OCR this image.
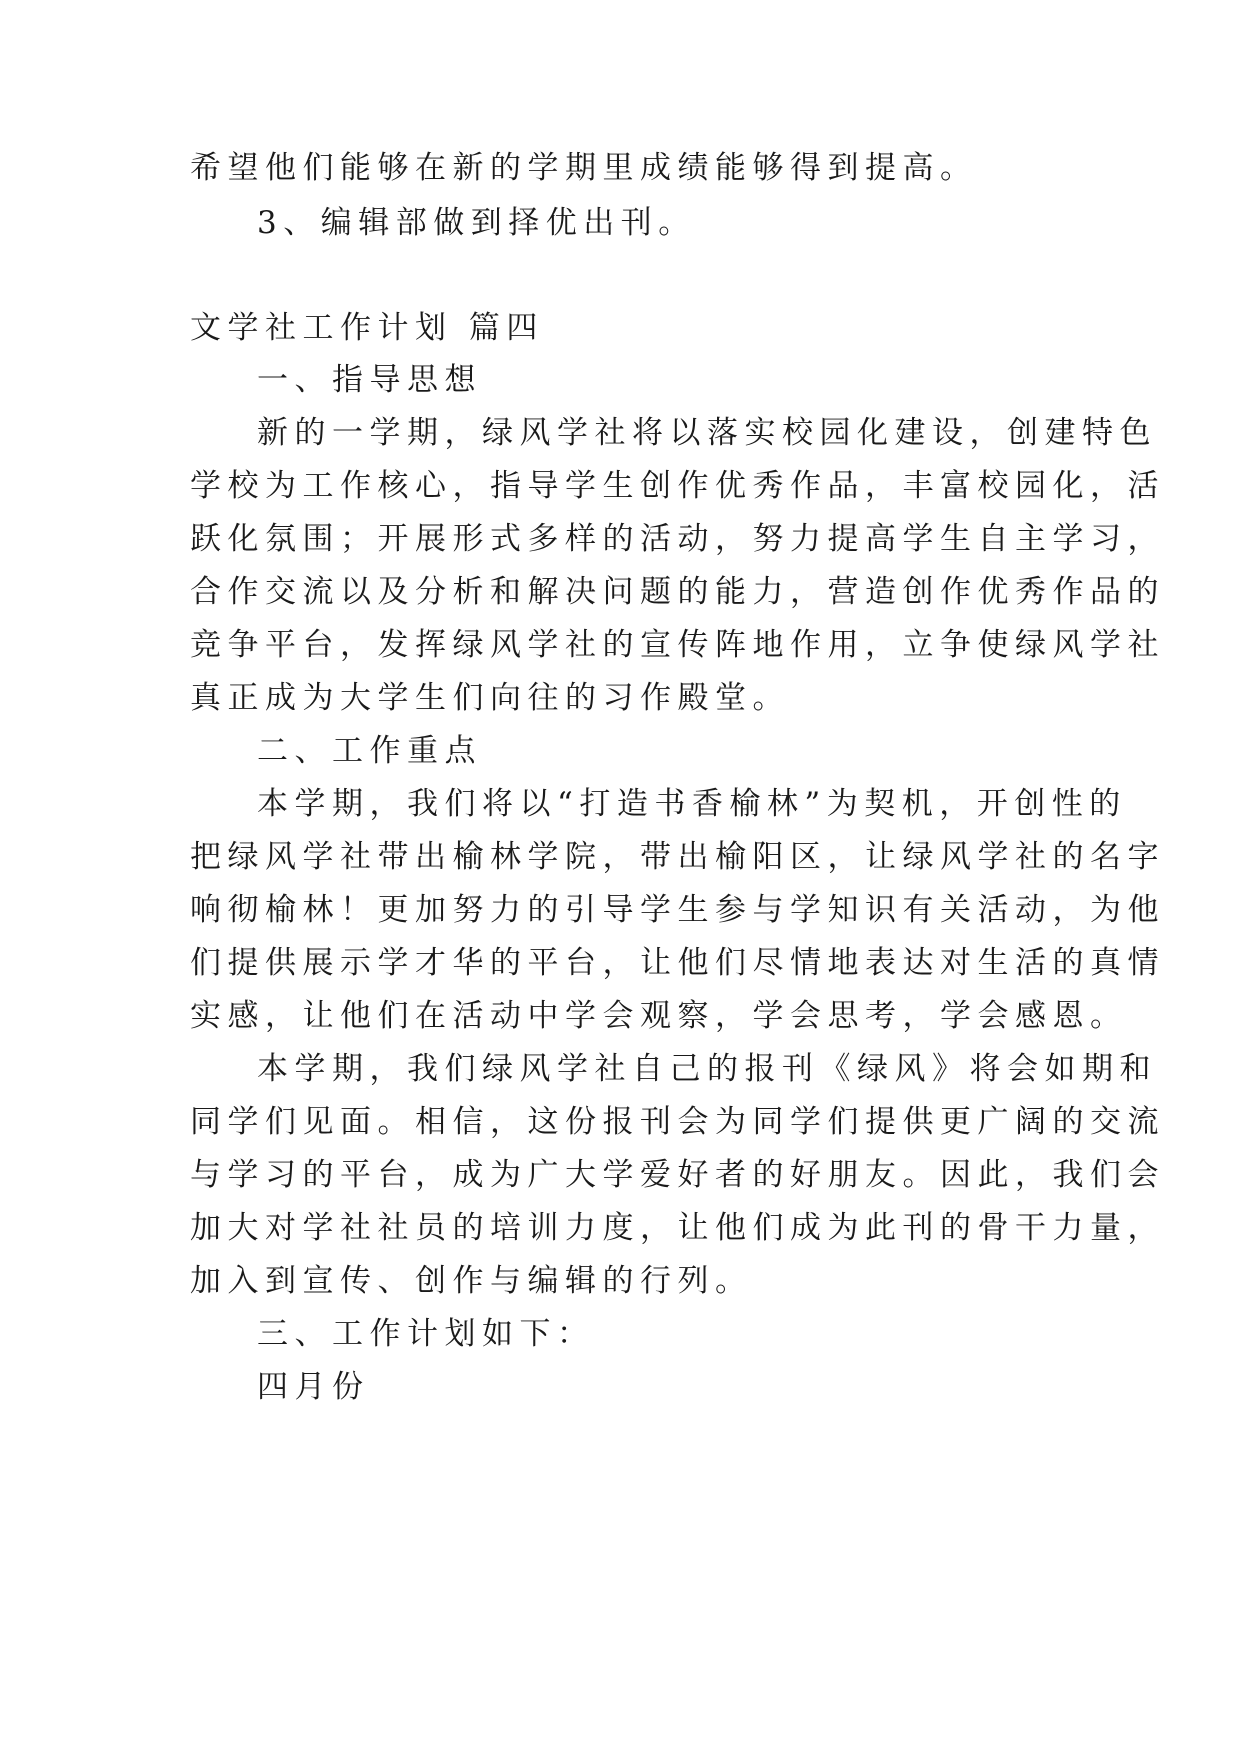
希望他们能够在新的学期里成绩能够得到提高。
3、编辑部做到择优出刊。
文学社工作计划 篇四
一、指导思想
新的一学期，绿风学社将以落实校园化建设，创建特色
学校为工作核心，指导学生创作优秀作品，丰富校园化，活
跃化氛围；开展形式多样的活动，努力提高学生自主学习，
合作交流以及分析和解决问题的能力，营造创作优秀作品的
竞争平台，发挥绿风学社的宣传阵地作用，立争使绿风学社
真正成为大学生们向往的习作殿堂。
二、工作重点
本学期，我们将以“打造书香榆林”为契机，开创性的
把绿风学社带出榆林学院，带出榆阳区，让绿风学社的名字
响彻榆林！更加努力的引导学生参与学知识有关活动，为他
们提供展示学才华的平台，让他们尽情地表达对生活的真情
实感，让他们在活动中学会观察，学会思考，学会感恩。
本学期，我们绿风学社自己的报刊《绿风》将会如期和
同学们见面。相信，这份报刊会为同学们提供更广阔的交流
与学习的平台，成为广大学爱好者的好朋友。因此，我们会
加大对学社社员的培训力度，让他们成为此刊的骨干力量，
加入到宣传、创作与编辑的行列。
三、工作计划如下：
四月份
